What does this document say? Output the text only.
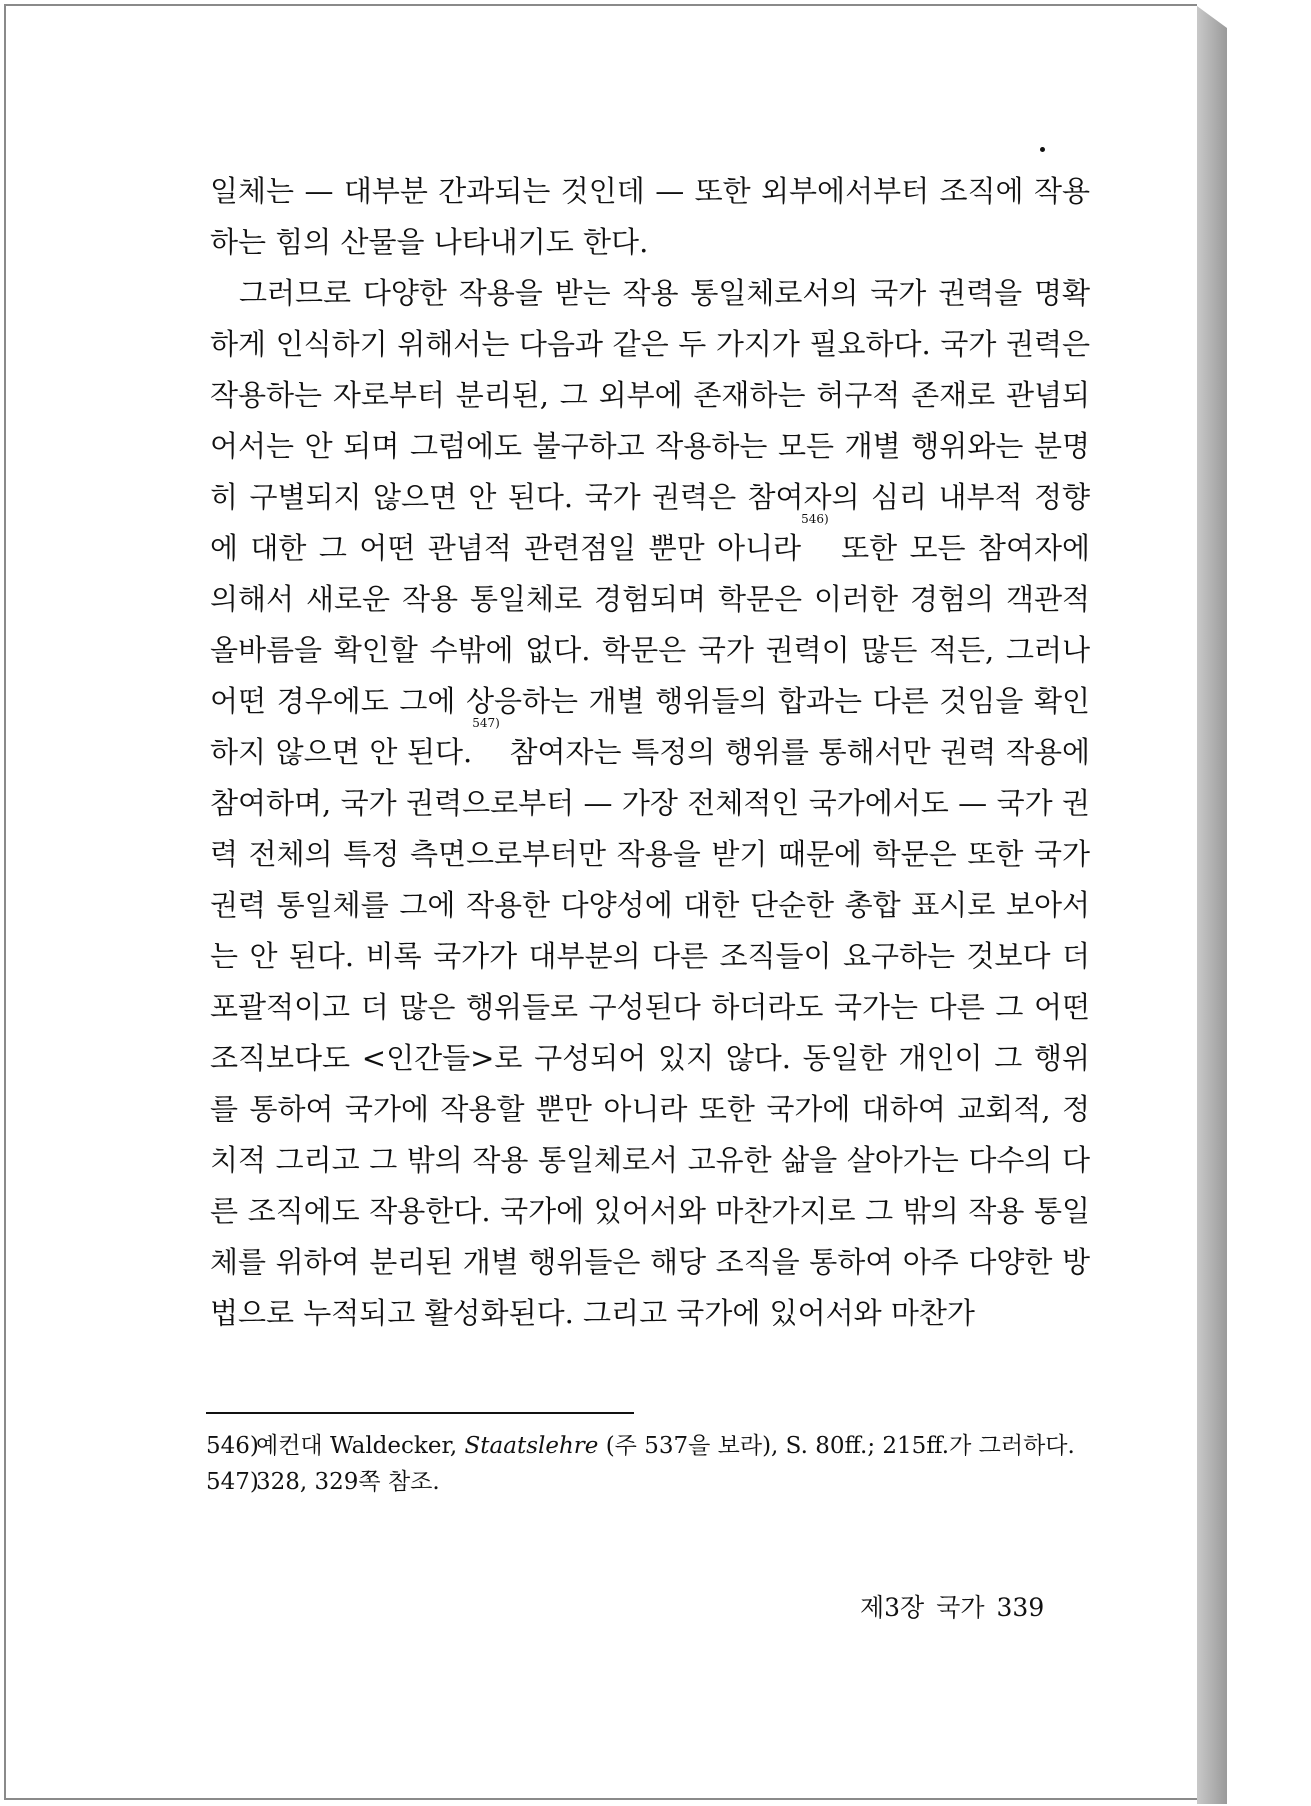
일체는 — 대부분 간과되는 것인데 — 또한 외부에서부터 조직에 작용하는 힘의 산물을 나타내기도 한다.

그러므로 다양한 작용을 받는 작용 통일체로서의 국가 권력을 명확하게 인식하기 위해서는 다음과 같은 두 가지가 필요하다. 국가 권력은 작용하는 자로부터 분리된, 그 외부에 존재하는 허구적 존재로 관념되어서는 안 되며 그럼에도 불구하고 작용하는 모든 개별 행위와는 분명히 구별되지 않으면 안 된다. 국가 권력은 참여자의 심리 내부적 정향에 대한 그 어떤 관념적 관련점일 뿐만 아니라$^{546)}$ 또한 모든 참여자에 의해서 새로운 작용 통일체로 경험되며 학문은 이러한 경험의 객관적 올바름을 확인할 수밖에 없다. 학문은 국가 권력이 많든 적든, 그러나 어떤 경우에도 그에 상응하는 개별 행위들의 합과는 다른 것임을 확인하지 않으면 안 된다.$^{547)}$ 참여자는 특정의 행위를 통해서만 권력 작용에 참여하며, 국가 권력으로부터 — 가장 전체적인 국가에서도 — 국가 권력 전체의 특정 측면으로부터만 작용을 받기 때문에 학문은 또한 국가 권력 통일체를 그에 작용한 다양성에 대한 단순한 총합 표시로 보아서는 안 된다. 비록 국가가 대부분의 다른 조직들이 요구하는 것보다 더 포괄적이고 더 많은 행위들로 구성된다 하더라도 국가는 다른 그 어떤 조직보다도 <인간들>로 구성되어 있지 않다. 동일한 개인이 그 행위를 통하여 국가에 작용할 뿐만 아니라 또한 국가에 대하여 교회적, 정치적 그리고 그 밖의 작용 통일체로서 고유한 삶을 살아가는 다수의 다른 조직에도 작용한다. 국가에 있어서와 마찬가지로 그 밖의 작용 통일체를 위하여 분리된 개별 행위들은 해당 조직을 통하여 아주 다양한 방법으로 누적되고 활성화된다. 그리고 국가에 있어서와 마찬가

546)
예컨대 Waldecker, Staatslehre (주 537을 보라), S. 80ff.; 215ff.가 그러하다.
547)
328, 329쪽 참조.
제3장 국가 339
